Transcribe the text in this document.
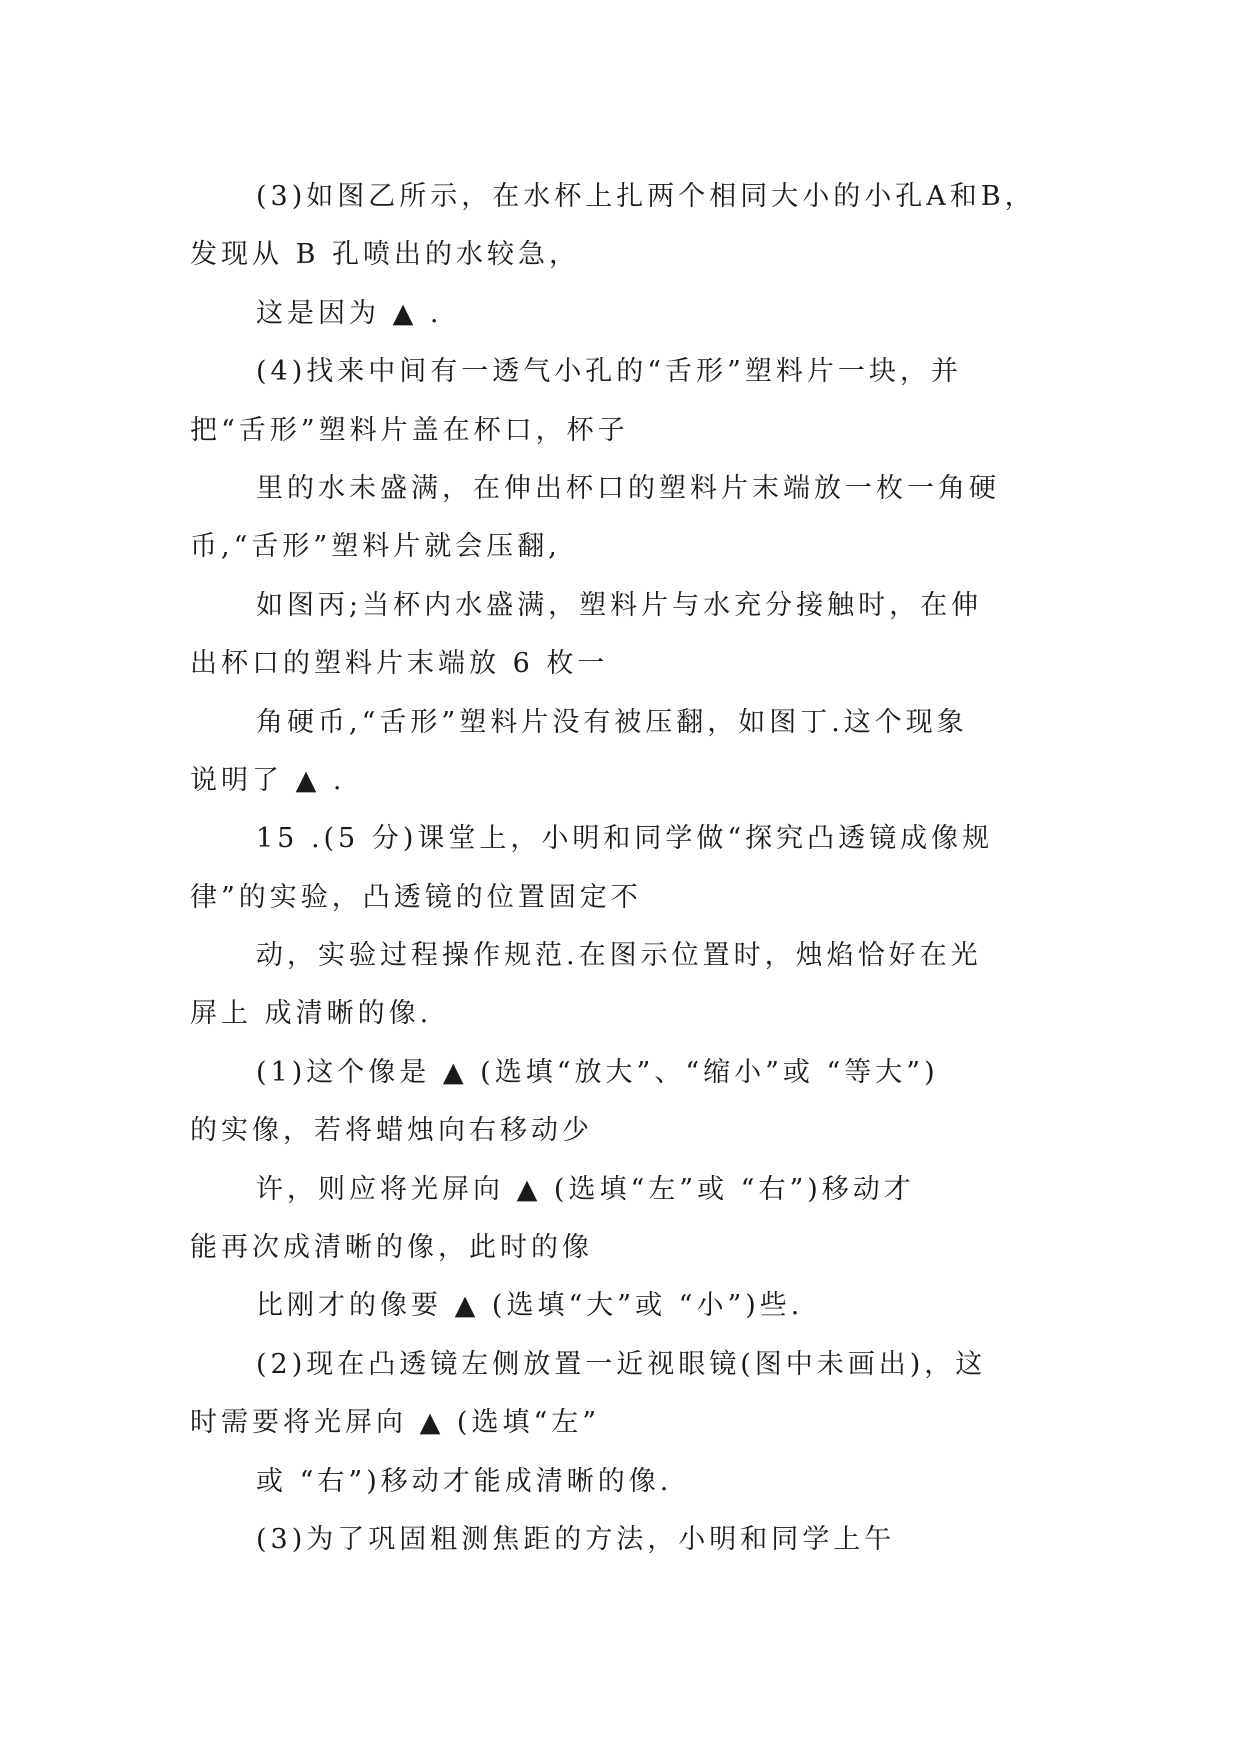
(3)如图乙所示，在水杯上扎两个相同大小的小孔A和B，
发现从 B 孔喷出的水较急，
这是因为 ▲ .
(4)找来中间有一透气小孔的“舌形”塑料片一块，并
把“舌形”塑料片盖在杯口，杯子
里的水未盛满，在伸出杯口的塑料片末端放一枚一角硬
币,“舌形”塑料片就会压翻,
如图丙;当杯内水盛满，塑料片与水充分接触时，在伸
出杯口的塑料片末端放 6 枚一
角硬币,“舌形”塑料片没有被压翻，如图丁.这个现象
说明了 ▲ .
15 .(5 分)课堂上，小明和同学做“探究凸透镜成像规
律”的实验，凸透镜的位置固定不
动，实验过程操作规范.在图示位置时，烛焰恰好在光
屏上 成清晰的像.
(1)这个像是 ▲ (选填“放大”、“缩小”或 “等大”)
的实像，若将蜡烛向右移动少
许，则应将光屏向 ▲ (选填“左”或 “右”)移动才
能再次成清晰的像，此时的像
比刚才的像要 ▲ (选填“大”或 “小”)些.
(2)现在凸透镜左侧放置一近视眼镜(图中未画出)，这
时需要将光屏向 ▲ (选填“左”
或 “右”)移动才能成清晰的像.
(3)为了巩固粗测焦距的方法，小明和同学上午
